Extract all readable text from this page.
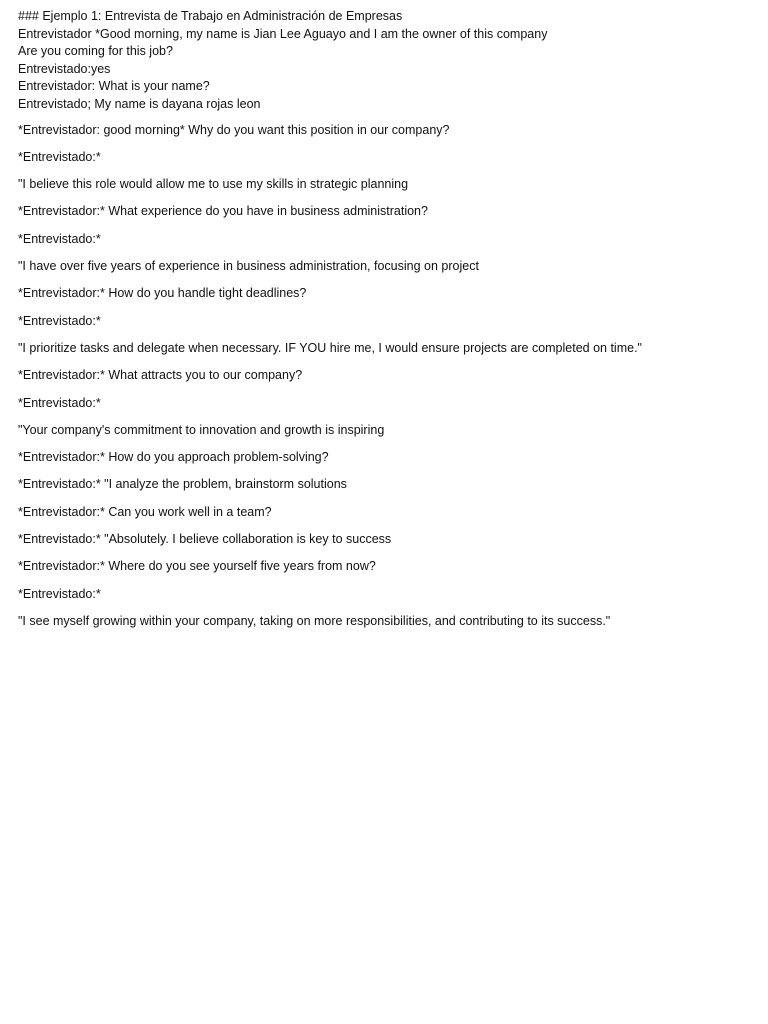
### Ejemplo 1: Entrevista de Trabajo en Administración de Empresas

Entrevistador *Good morning, my name is Jian Lee Aguayo and I am the owner of this company

Are you coming for this job?

Entrevistado:yes

Entrevistador: What is your name?

Entrevistado; My name is dayana rojas leon

*Entrevistador: good morning* Why do you want this position in our company?

*Entrevistado:*

"I believe this role would allow me to use my skills in strategic planning

*Entrevistador:* What experience do you have in business administration?

*Entrevistado:*

"I have over five years of experience in business administration, focusing on project

*Entrevistador:* How do you handle tight deadlines?

*Entrevistado:*

"I prioritize tasks and delegate when necessary. IF YOU hire me, I would ensure projects are completed on time."

*Entrevistador:* What attracts you to our company?

*Entrevistado:*

"Your company's commitment to innovation and growth is inspiring

*Entrevistador:* How do you approach problem-solving?

*Entrevistado:* "I analyze the problem, brainstorm solutions

*Entrevistador:* Can you work well in a team?

*Entrevistado:* "Absolutely. I believe collaboration is key to success

*Entrevistador:* Where do you see yourself five years from now?

*Entrevistado:*

"I see myself growing within your company, taking on more responsibilities, and contributing to its success."
